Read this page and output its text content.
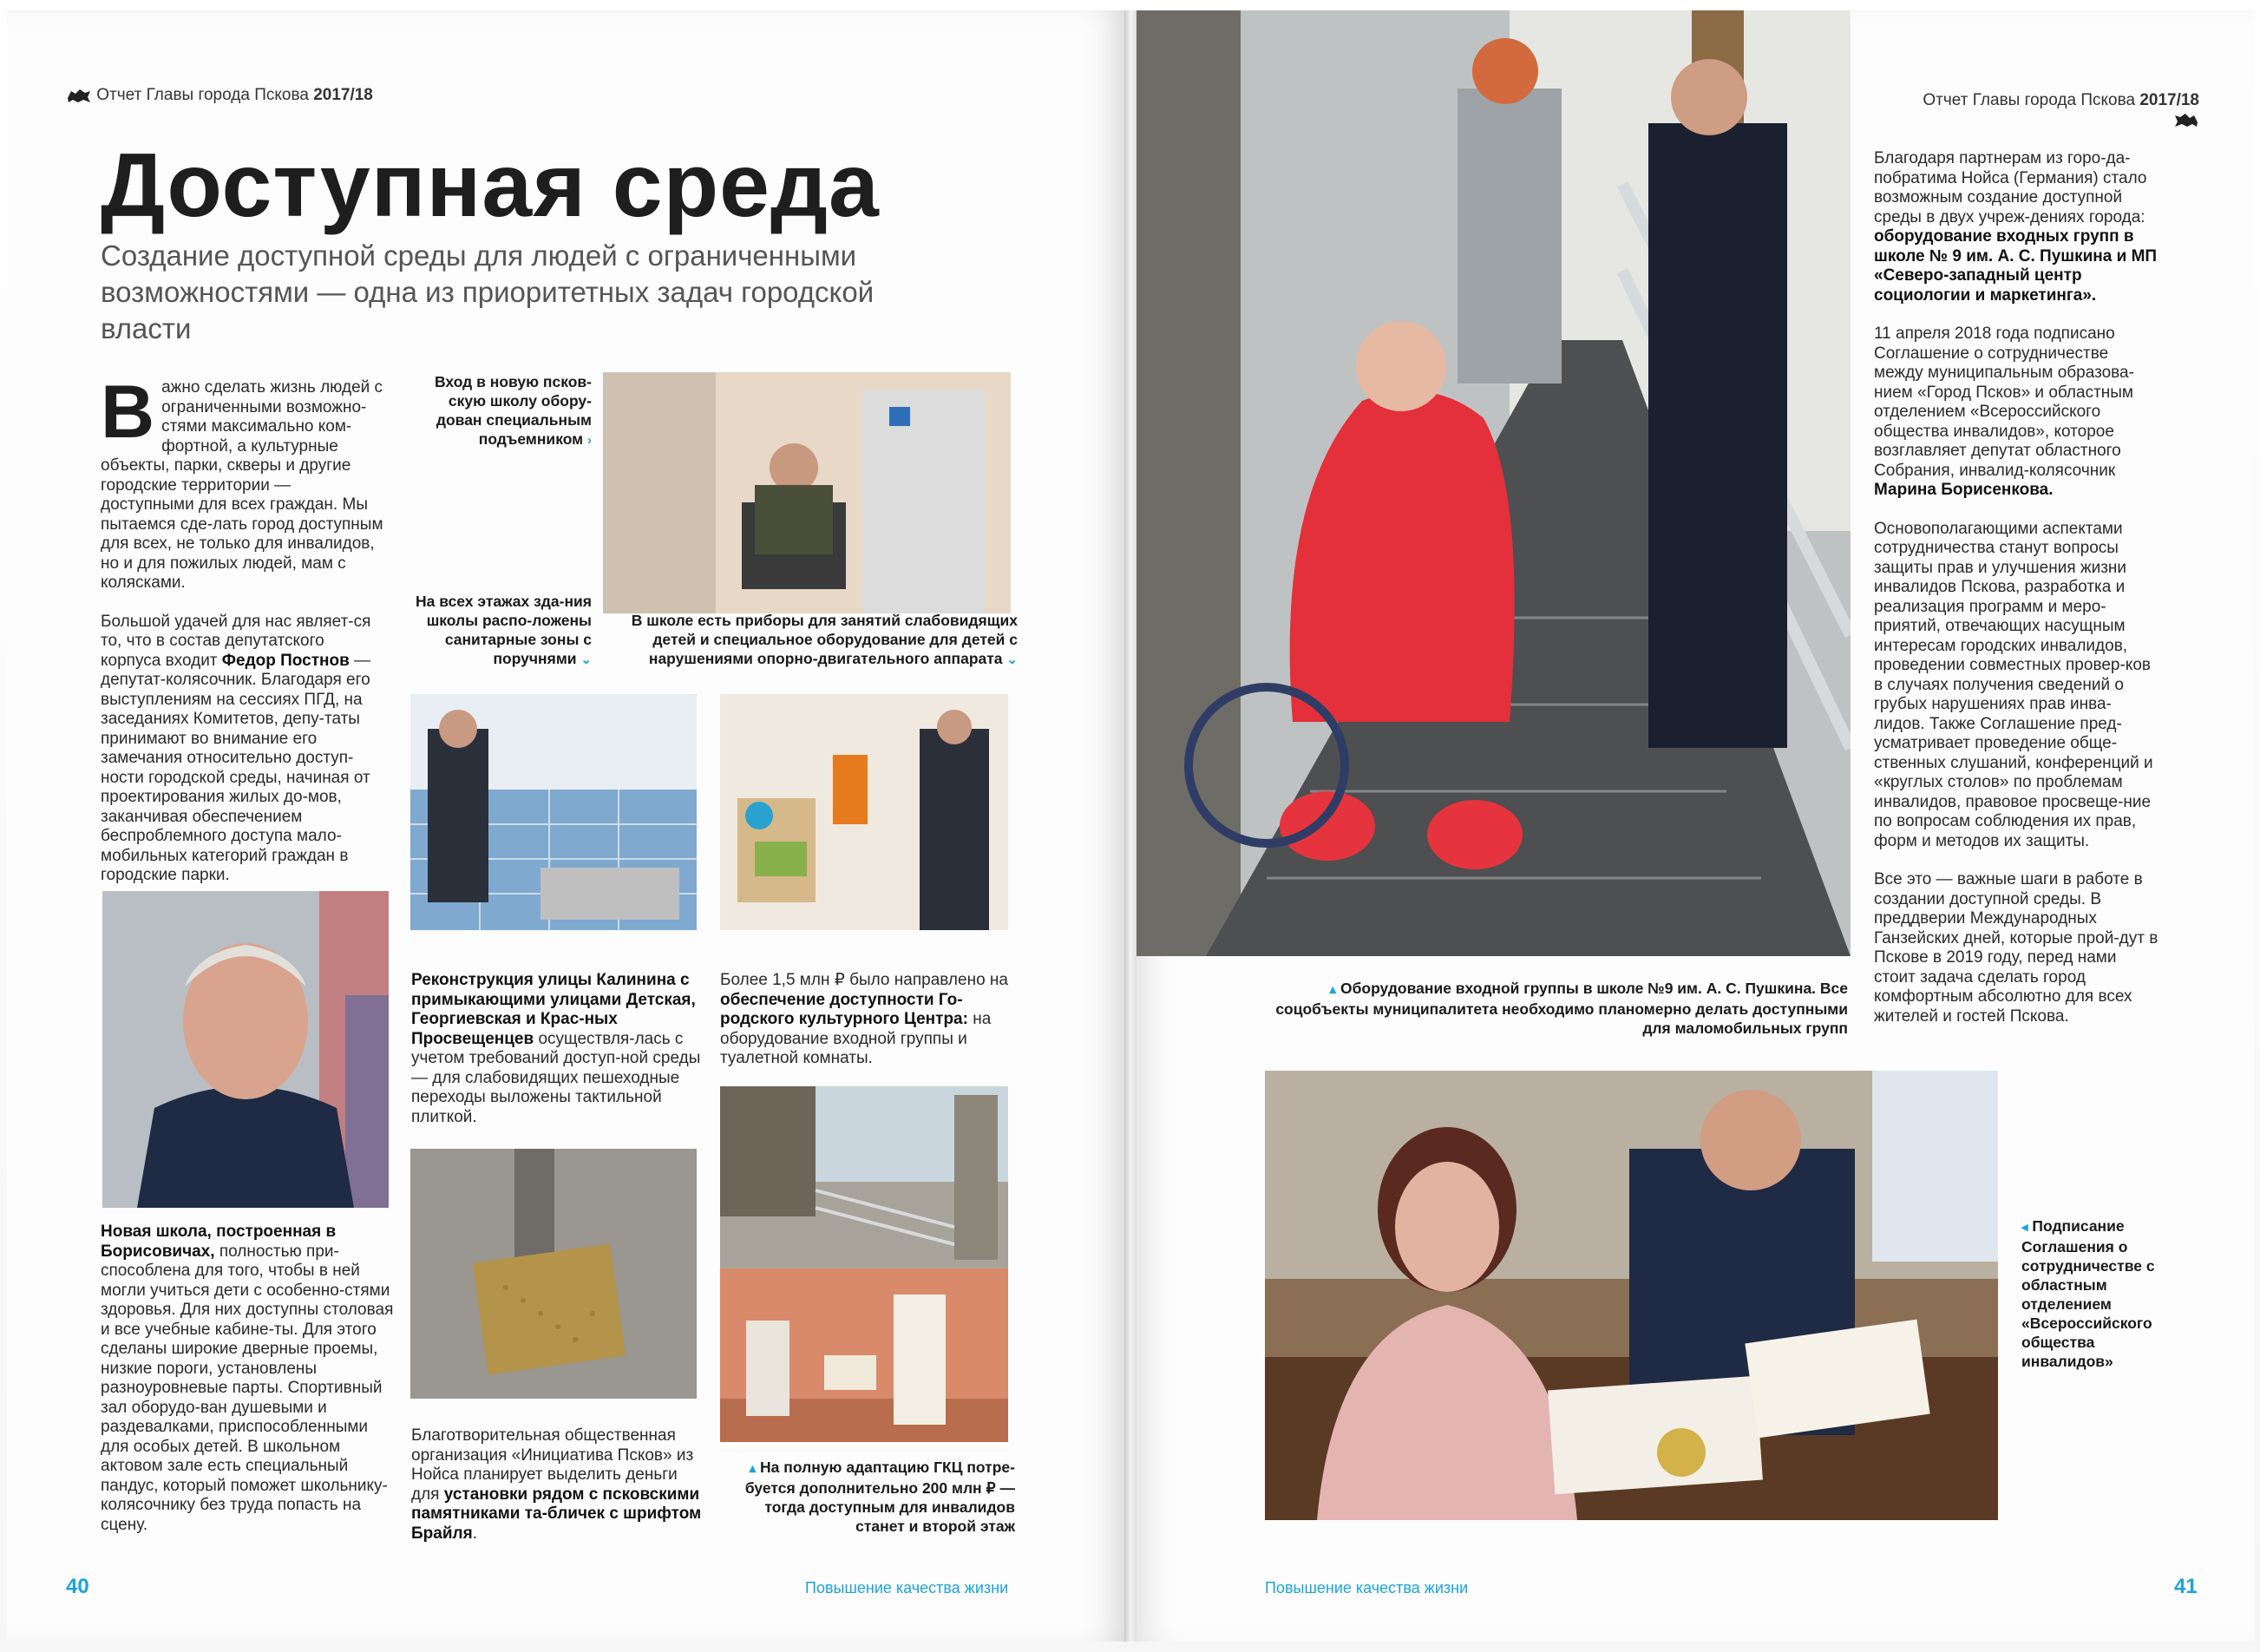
Отчет Главы города Пскова 2017/18
Доступная среда
Создание доступной среды для людей с ограниченными возможностями — одна из приоритетных задач городской власти

Важно сделать жизнь людей с ограниченными возможно-стями максимально ком-фортной, а культурные объекты, парки, скверы и другие городские территории — доступными для всех граждан. Мы пытаемся сде-лать город доступным для всех, не только для инвалидов, но и для пожилых людей, мам с колясками.

Большой удачей для нас являет-ся то, что в состав депутатского корпуса входит Федор Постнов — депутат-колясочник. Благодаря его выступлениям на сессиях ПГД, на заседаниях Комитетов, депу-таты принимают во внимание его замечания относительно доступ-ности городской среды, начиная от проектирования жилых до-мов, заканчивая обеспечением беспроблемного доступа мало-мобильных категорий граждан в городские парки.

Новая школа, построенная в Борисовичах, полностью при-способлена для того, чтобы в ней могли учиться дети с особенно-стями здоровья. Для них доступны столовая и все учебные кабине-ты. Для этого сделаны широкие дверные проемы, низкие пороги, установлены разноуровневые парты. Спортивный зал оборудо-ван душевыми и раздевалками, приспособленными для особых детей. В школьном актовом зале есть специальный пандус, который поможет школьнику-колясочнику без труда попасть на сцену.

Вход в новую псков-скую школу обору-дован специальным подъемником ›
На всех этажах зда-ния школы распо-ложены санитарные зоны с поручнями ⌄
В школе есть приборы для занятий слабовидящих детей и специальное оборудование для детей с нарушениями опорно-двигательного аппарата ⌄
Реконструкция улицы Калинина с примыкающими улицами Детская, Георгиевская и Крас-ных Просвещенцев осуществля-лась с учетом требований доступ-ной среды — для слабовидящих пешеходные переходы выложены тактильной плиткой.
Благотворительная общественная организация «Инициатива Псков» из Нойса планирует выделить деньги для установки рядом с псковскими памятниками та-бличек с шрифтом Брайля.
Более 1,5 млн ₽ было направлено на обеспечение доступности Го-родского культурного Центра: на оборудование входной группы и туалетной комнаты.
▴ На полную адаптацию ГКЦ потре-буется дополнительно 200 млн ₽ — тогда доступным для инвалидов станет и второй этаж
40	Повышение качества жизни
Отчет Главы города Пскова 2017/18

Благодаря партнерам из горо-да-побратима Нойса (Германия) стало возможным создание доступной среды в двух учреж-дениях города: оборудование входных групп в школе № 9 им. А. С. Пушкина и МП «Северо-западный центр социологии и маркетинга».

11 апреля 2018 года подписано Соглашение о сотрудничестве между муниципальным образова-нием «Город Псков» и областным отделением «Всероссийского общества инвалидов», которое возглавляет депутат областного Собрания, инвалид-колясочник Марина Борисенкова.

Основополагающими аспектами сотрудничества станут вопросы защиты прав и улучшения жизни инвалидов Пскова, разработка и реализация программ и меро-приятий, отвечающих насущным интересам городских инвалидов, проведении совместных провер-ков в случаях получения сведений о грубых нарушениях прав инва-лидов. Также Соглашение пред-усматривает проведение обще-ственных слушаний, конференций и «круглых столов» по проблемам инвалидов, правовое просвеще-ние по вопросам соблюдения их прав, форм и методов их защиты.

Все это — важные шаги в работе в создании доступной среды. В преддверии Международных Ганзейских дней, которые прой-дут в Пскове в 2019 году, перед нами стоит задача сделать город комфортным абсолютно для всех жителей и гостей Пскова.

▴ Оборудование входной группы в школе №9 им. А. С. Пушкина. Все соцобъекты муниципалитета необходимо планомерно делать доступными для маломобильных групп
◂ Подписание Соглашения о сотрудничестве с областным отделением «Всероссийского общества инвалидов»
Повышение качества жизни	41
